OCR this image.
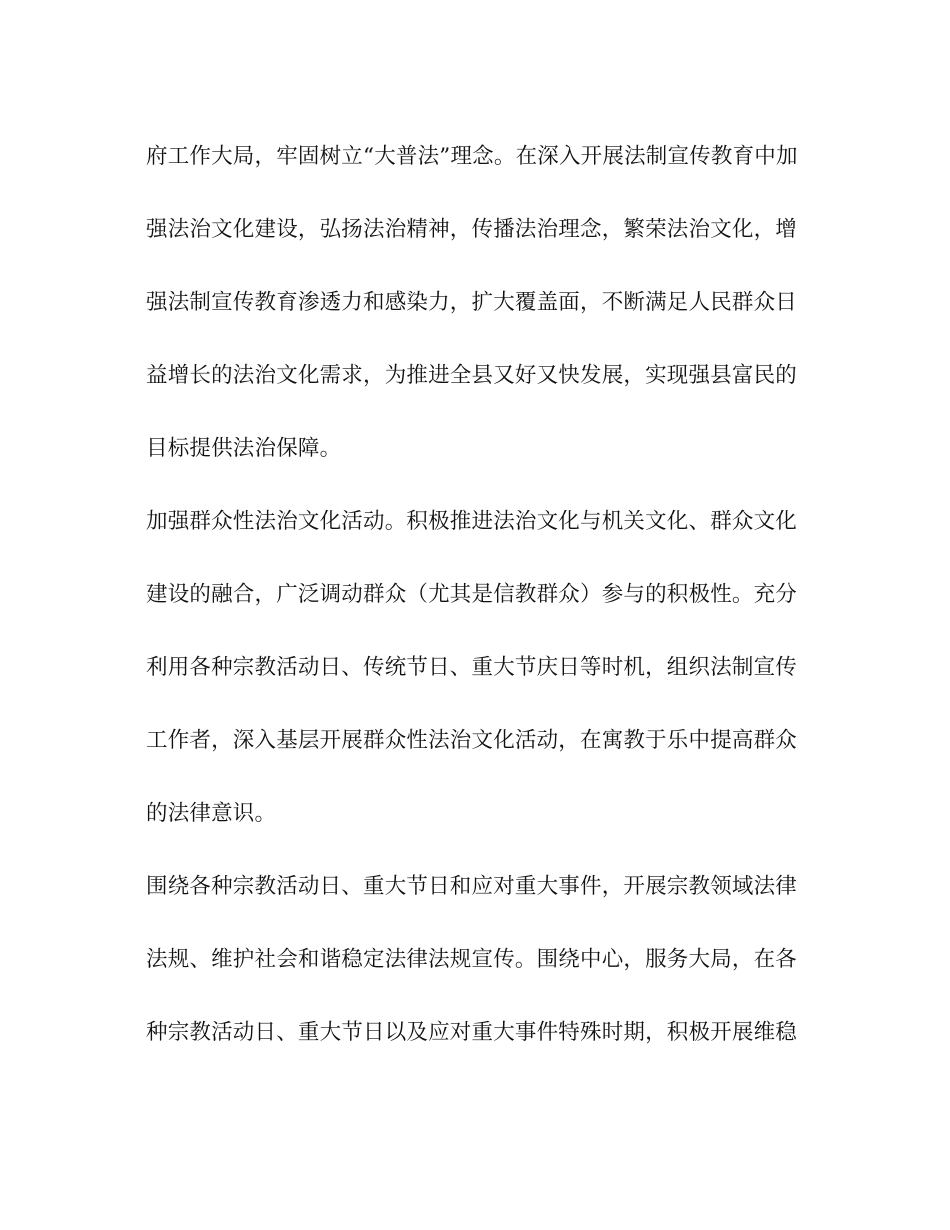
府工作大局，牢固树立“大普法”理念。在深入开展法制宣传教育中加
强法治文化建设，弘扬法治精神，传播法治理念，繁荣法治文化，增
强法制宣传教育渗透力和感染力，扩大覆盖面，不断满足人民群众日
益增长的法治文化需求，为推进全县又好又快发展，实现强县富民的
目标提供法治保障。
加强群众性法治文化活动。积极推进法治文化与机关文化、群众文化
建设的融合，广泛调动群众（尤其是信教群众）参与的积极性。充分
利用各种宗教活动日、传统节日、重大节庆日等时机，组织法制宣传
工作者，深入基层开展群众性法治文化活动，在寓教于乐中提高群众
的法律意识。
围绕各种宗教活动日、重大节日和应对重大事件，开展宗教领域法律
法规、维护社会和谐稳定法律法规宣传。围绕中心，服务大局，在各
种宗教活动日、重大节日以及应对重大事件特殊时期，积极开展维稳
